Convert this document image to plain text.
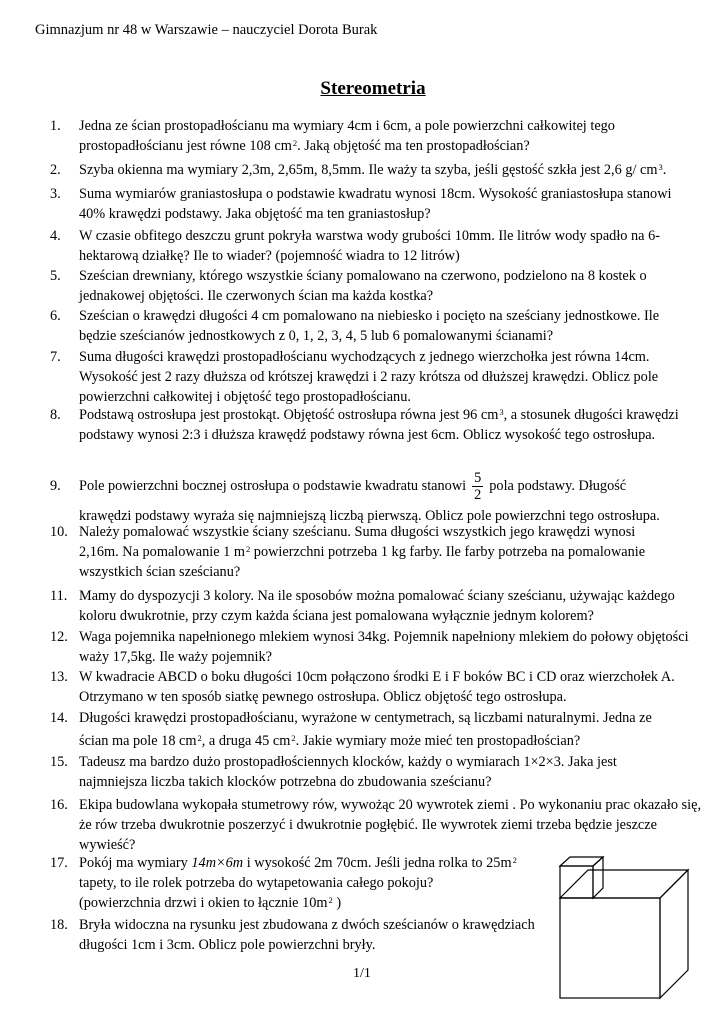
Gimnazjum nr 48 w Warszawie – nauczyciel Dorota Burak
Stereometria
1. Jedna ze ścian prostopadłościanu ma wymiary 4cm i 6cm, a pole powierzchni całkowitej tego
prostopadłościanu jest równe 108 $cm^2$. Jaką objętość ma ten prostopadłościan?
2. Szyba okienna ma wymiary 2,3m, 2,65m, 8,5mm. Ile waży ta szyba, jeśli gęstość szkła jest 2,6 g/ $cm^3$.
3. Suma wymiarów graniastosłupa o podstawie kwadratu wynosi 18cm. Wysokość graniastosłupa stanowi 40% krawędzi podstawy. Jaka objętość ma ten graniastosłup?
4. W czasie obfitego deszczu grunt pokryła warstwa wody grubości 10mm. Ile litrów wody spadło na 6-hektarową działkę? Ile to wiader? (pojemność wiadra to 12 litrów)
5. Sześcian drewniany, którego wszystkie ściany pomalowano na czerwono, podzielono na 8 kostek o jednakowej objętości. Ile czerwonych ścian ma każda kostka?
6. Sześcian o krawędzi długości 4 cm pomalowano na niebiesko i pocięto na sześciany jednostkowe. Ile będzie sześcianów jednostkowych z 0, 1, 2, 3, 4, 5 lub 6 pomalowanymi ścianami?
7. Suma długości krawędzi prostopadłościanu wychodzących z jednego wierzchołka jest równa 14cm. Wysokość jest 2 razy dłuższa od krótszej krawędzi i 2 razy krótsza od dłuższej krawędzi. Oblicz pole powierzchni całkowitej i objętość tego prostopadłościanu.
8. Podstawą ostrosłupa jest prostokąt. Objętość ostrosłupa równa jest 96 $cm^3$, a stosunek długości krawędzi podstawy wynosi 2:3 i dłuższa krawędź podstawy równa jest 6cm. Oblicz wysokość tego ostrosłupa.
9. Pole powierzchni bocznej ostrosłupa o podstawie kwadratu stanowi $\frac{5}{2}$ pola podstawy. Długość
krawędzi podstawy wyraża się najmniejszą liczbą pierwszą. Oblicz pole powierzchni tego ostrosłupa.
10. Należy pomalować wszystkie ściany sześcianu. Suma długości wszystkich jego krawędzi wynosi
2,16m. Na pomalowanie 1 $m^2$ powierzchni potrzeba 1 kg farby. Ile farby potrzeba na pomalowanie
wszystkich ścian sześcianu?
11. Mamy do dyspozycji 3 kolory. Na ile sposobów można pomalować ściany sześcianu, używając każdego koloru dwukrotnie, przy czym każda ściana jest pomalowana wyłącznie jednym kolorem?
12. Waga pojemnika napełnionego mlekiem wynosi 34kg. Pojemnik napełniony mlekiem do połowy objętości waży 17,5kg. Ile waży pojemnik?
13. W kwadracie ABCD o boku długości 10cm połączono środki E i F boków BC i CD oraz wierzchołek A. Otrzymano w ten sposób siatkę pewnego ostrosłupa. Oblicz objętość tego ostrosłupa.
14. Długości krawędzi prostopadłościanu, wyrażone w centymetrach, są liczbami naturalnymi. Jedna ze
ścian ma pole 18 $cm^2$, a druga 45 $cm^2$. Jakie wymiary może mieć ten prostopadłościan?
15. Tadeusz ma bardzo dużo prostopadłościennych klocków, każdy o wymiarach 1×2×3. Jaka jest
najmniejsza liczba takich klocków potrzebna do zbudowania sześcianu?
16. Ekipa budowlana wykopała stumetrowy rów, wywożąc 20 wywrotek ziemi . Po wykonaniu prac okazało się, że rów trzeba dwukrotnie poszerzyć i dwukrotnie pogłębić. Ile wywrotek ziemi trzeba będzie jeszcze wywieść?
17. Pokój ma wymiary 14m×6m i wysokość 2m 70cm. Jeśli jedna rolka to $25m^2$
tapety, to ile rolek potrzeba do wytapetowania całego pokoju?
(powierzchnia drzwi i okien to łącznie $10m^2$ )
18. Bryła widoczna na rysunku jest zbudowana z dwóch sześcianów o krawędziach długości 1cm i 3cm. Oblicz pole powierzchni bryły.
1/1
